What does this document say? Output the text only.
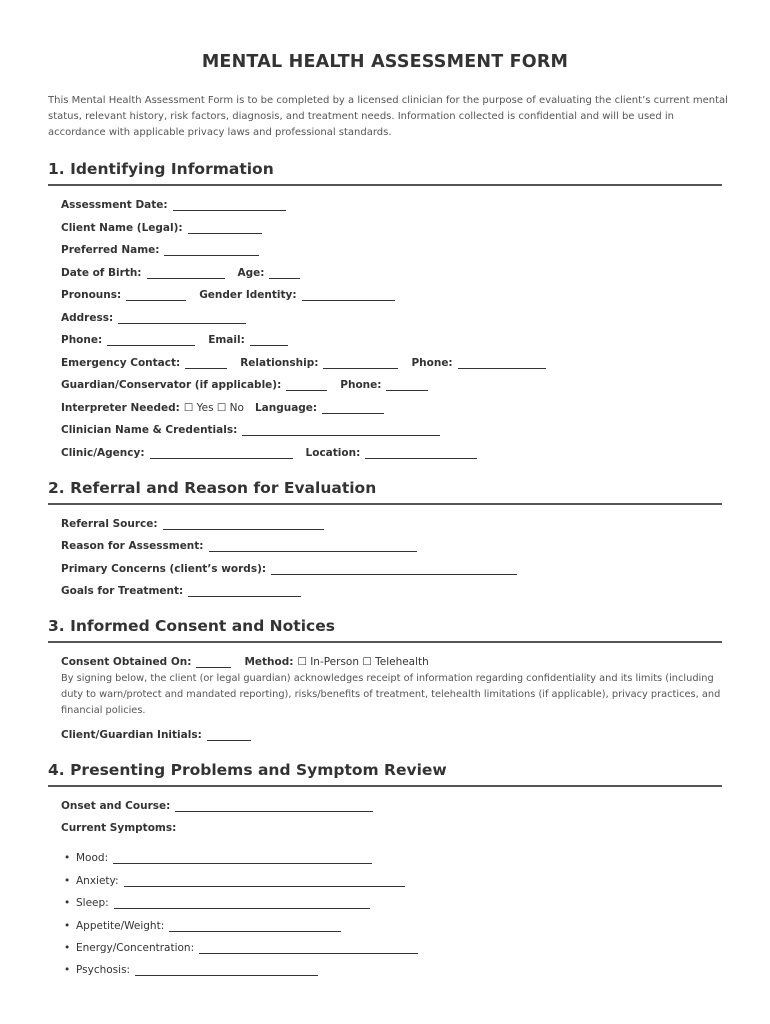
MENTAL HEALTH ASSESSMENT FORM
This Mental Health Assessment Form is to be completed by a licensed clinician for the purpose of evaluating the client’s current mental status, relevant history, risk factors, diagnosis, and treatment needs. Information collected is confidential and will be used in accordance with applicable privacy laws and professional standards.
1. Identifying Information
Assessment Date:
Client Name (Legal):
Preferred Name:
Date of Birth:	Age:
Pronouns:	Gender Identity:
Address:
Phone:	Email:
Emergency Contact:	Relationship:	Phone:
Guardian/Conservator (if applicable):	Phone:
Interpreter Needed: ☐ Yes ☐ No Language:
Clinician Name & Credentials:
Clinic/Agency:	Location:
2. Referral and Reason for Evaluation
Referral Source:
Reason for Assessment:
Primary Concerns (client’s words):
Goals for Treatment:
3. Informed Consent and Notices
Consent Obtained On:	Method: ☐ In-Person ☐ Telehealth
By signing below, the client (or legal guardian) acknowledges receipt of information regarding confidentiality and its limits (including duty to warn/protect and mandated reporting), risks/benefits of treatment, telehealth limitations (if applicable), privacy practices, and financial policies.
Client/Guardian Initials:
4. Presenting Problems and Symptom Review
Onset and Course:
Current Symptoms:
• Mood:
• Anxiety:
• Sleep:
• Appetite/Weight:
• Energy/Concentration:
• Psychosis:
